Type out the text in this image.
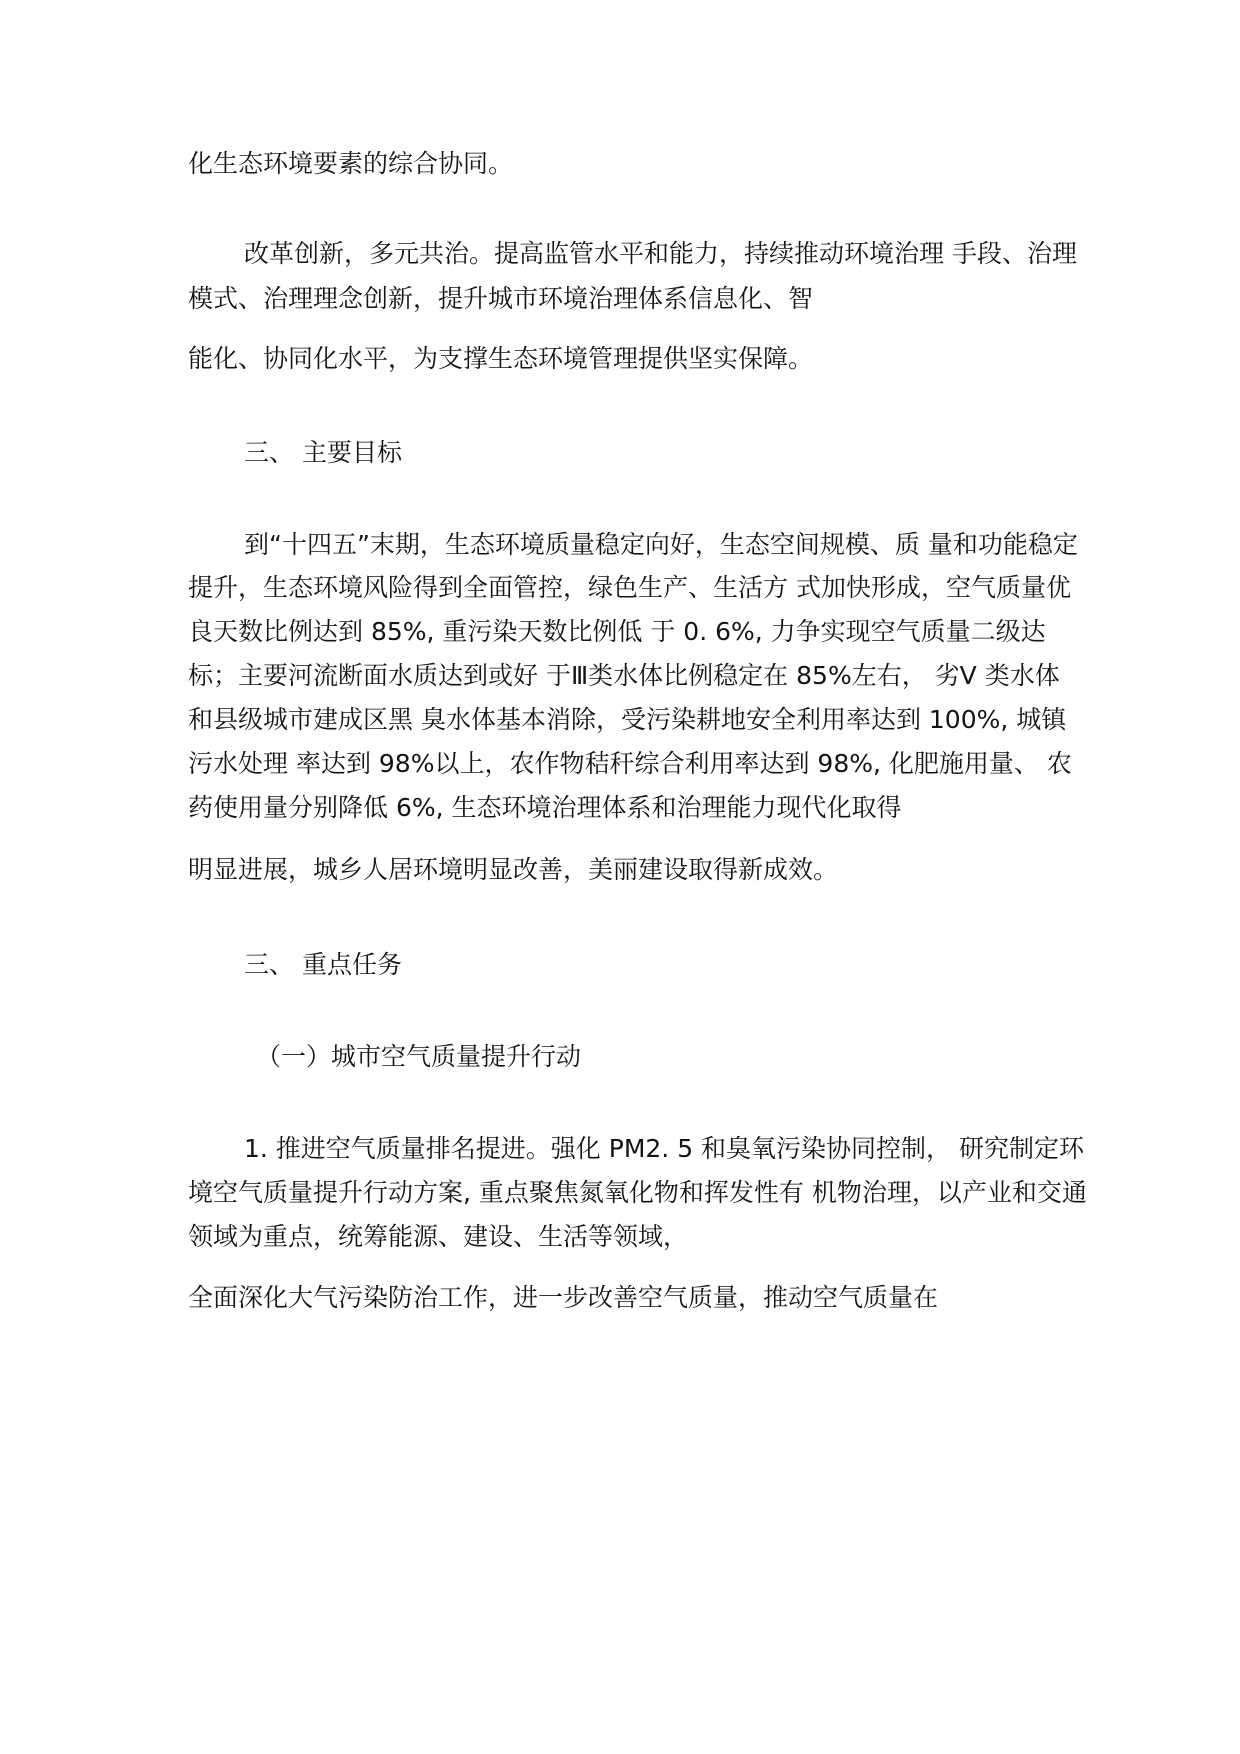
化生态环境要素的综合协同。
改革创新，多元共治。提高监管水平和能力，持续推动环境治理 手段、治理
模式、治理理念创新，提升城市环境治理体系信息化、智
能化、协同化水平，为支撑生态环境管理提供坚实保障。
三、 主要目标
到“十四五”末期，生态环境质量稳定向好，生态空间规模、质 量和功能稳定
提升，生态环境风险得到全面管控，绿色生产、生活方 式加快形成，空气质量优
良天数比例达到 85%, 重污染天数比例低 于 0. 6%, 力争实现空气质量二级达
标；主要河流断面水质达到或好 于Ⅲ类水体比例稳定在 85%左右， 劣Ⅴ 类水体
和县级城市建成区黑 臭水体基本消除，受污染耕地安全利用率达到 100%, 城镇
污水处理 率达到 98%以上，农作物秸秆综合利用率达到 98%, 化肥施用量、 农
药使用量分别降低 6%, 生态环境治理体系和治理能力现代化取得
明显进展，城乡人居环境明显改善，美丽建设取得新成效。
三、 重点任务
（一）城市空气质量提升行动
1. 推进空气质量排名提进。强化 PM2. 5 和臭氧污染协同控制， 研究制定环
境空气质量提升行动方案, 重点聚焦氮氧化物和挥发性有 机物治理，以产业和交通
领域为重点，统筹能源、建设、生活等领域，
全面深化大气污染防治工作，进一步改善空气质量，推动空气质量在
